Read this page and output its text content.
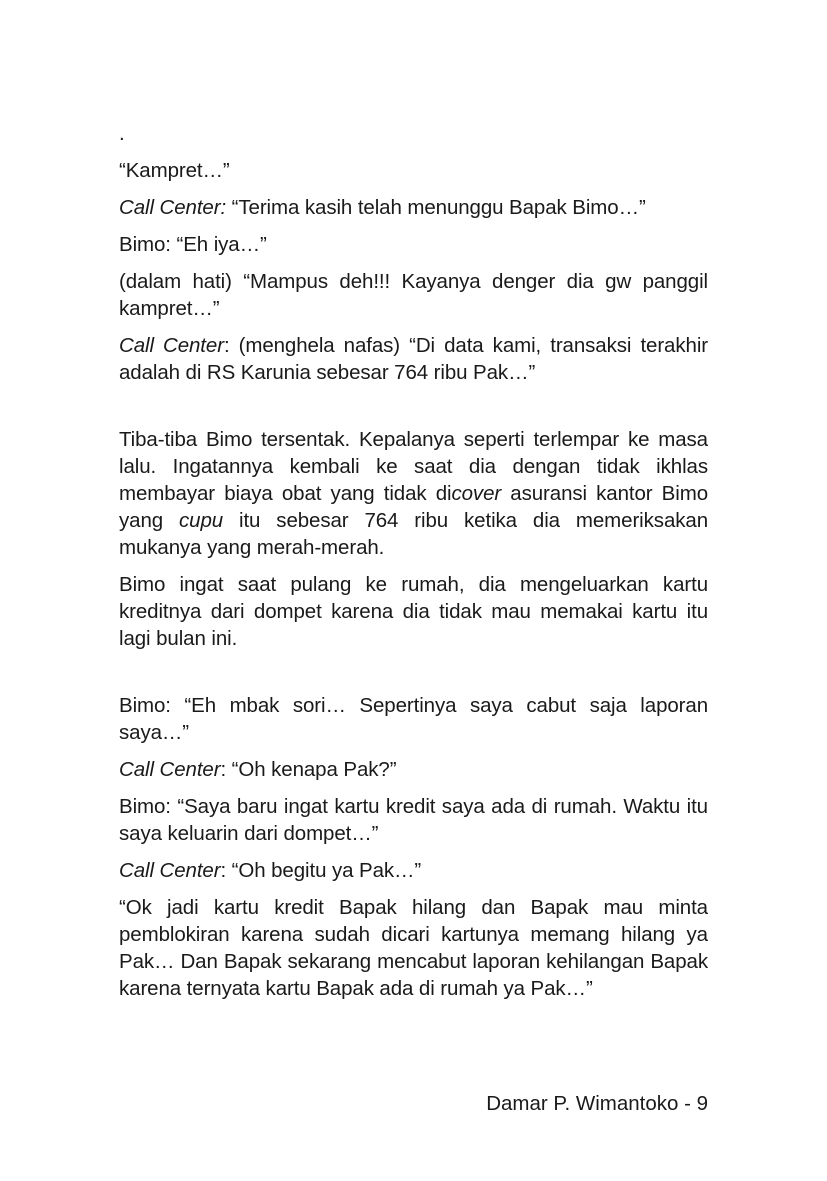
.

“Kampret…”

Call Center: “Terima kasih telah menunggu Bapak Bimo…”

Bimo: “Eh iya…”

(dalam hati) “Mampus deh!!! Kayanya denger dia gw panggil kampret…”

Call Center: (menghela nafas) “Di data kami, transaksi terakhir adalah di RS Karunia sebesar 764 ribu Pak…”

Tiba-tiba Bimo tersentak. Kepalanya seperti terlempar ke masa lalu. Ingatannya kembali ke saat dia dengan tidak ikhlas membayar biaya obat yang tidak dicover asuransi kantor Bimo yang cupu itu sebesar 764 ribu ketika dia memeriksakan mukanya yang merah-merah.

Bimo ingat saat pulang ke rumah, dia mengeluarkan kartu kreditnya dari dompet karena dia tidak mau memakai kartu itu lagi bulan ini.

Bimo: “Eh mbak sori… Sepertinya saya cabut saja laporan saya…”

Call Center: “Oh kenapa Pak?”

Bimo: “Saya baru ingat kartu kredit saya ada di rumah. Waktu itu saya keluarin dari dompet…”

Call Center: “Oh begitu ya Pak…”

“Ok jadi kartu kredit Bapak hilang dan Bapak mau minta pemblokiran karena sudah dicari kartunya memang hilang ya Pak… Dan Bapak sekarang mencabut laporan kehilangan Bapak karena ternyata kartu Bapak ada di rumah ya Pak…”

Damar P. Wimantoko - 9
